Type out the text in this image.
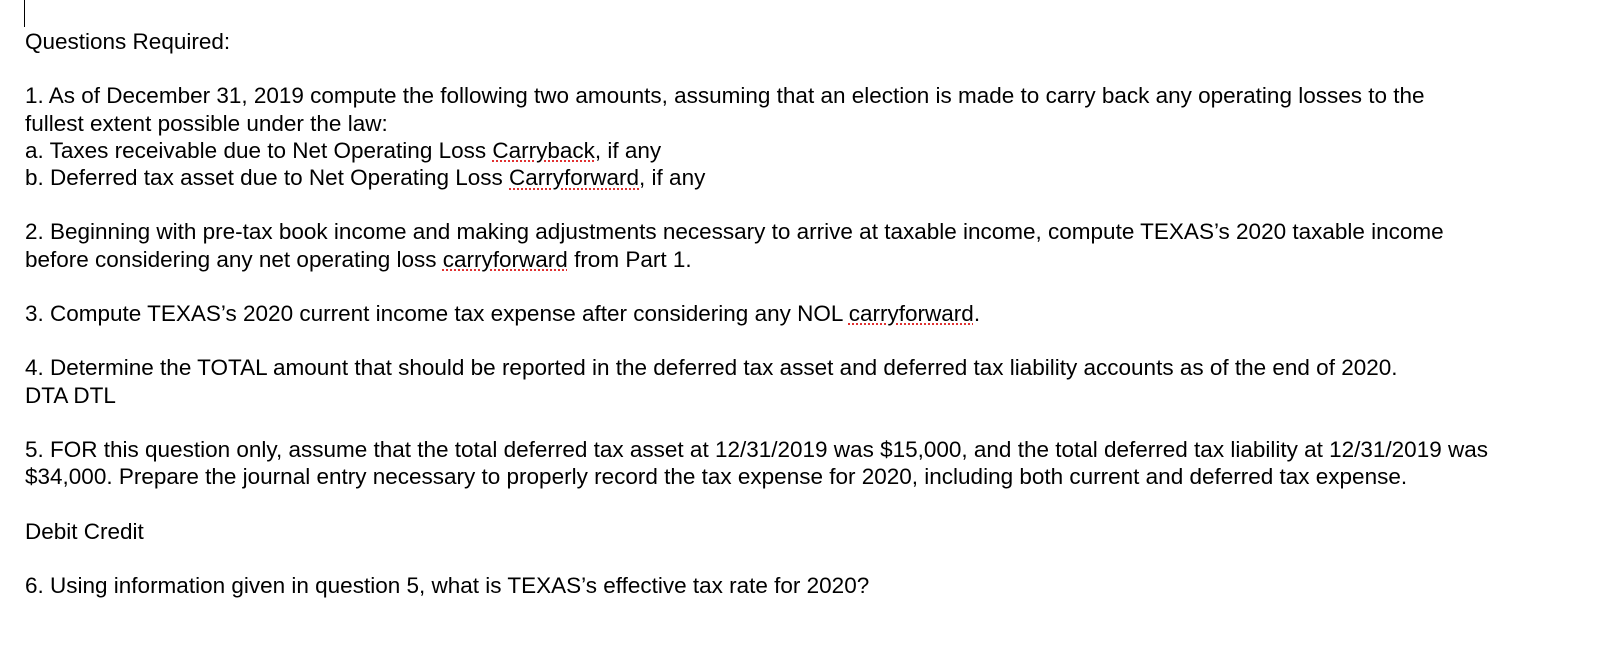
Questions Required:

1. As of December 31, 2019 compute the following two amounts, assuming that an election is made to carry back any operating losses to the

fullest extent possible under the law:

a. Taxes receivable due to Net Operating Loss Carryback, if any

b. Deferred tax asset due to Net Operating Loss Carryforward, if any

2. Beginning with pre-tax book income and making adjustments necessary to arrive at taxable income, compute TEXAS’s 2020 taxable income

before considering any net operating loss carryforward from Part 1.

3. Compute TEXAS’s 2020 current income tax expense after considering any NOL carryforward.

4. Determine the TOTAL amount that should be reported in the deferred tax asset and deferred tax liability accounts as of the end of 2020.

DTA DTL

5. FOR this question only, assume that the total deferred tax asset at 12/31/2019 was $15,000, and the total deferred tax liability at 12/31/2019 was

$34,000. Prepare the journal entry necessary to properly record the tax expense for 2020, including both current and deferred tax expense.

Debit Credit

6. Using information given in question 5, what is TEXAS’s effective tax rate for 2020?
